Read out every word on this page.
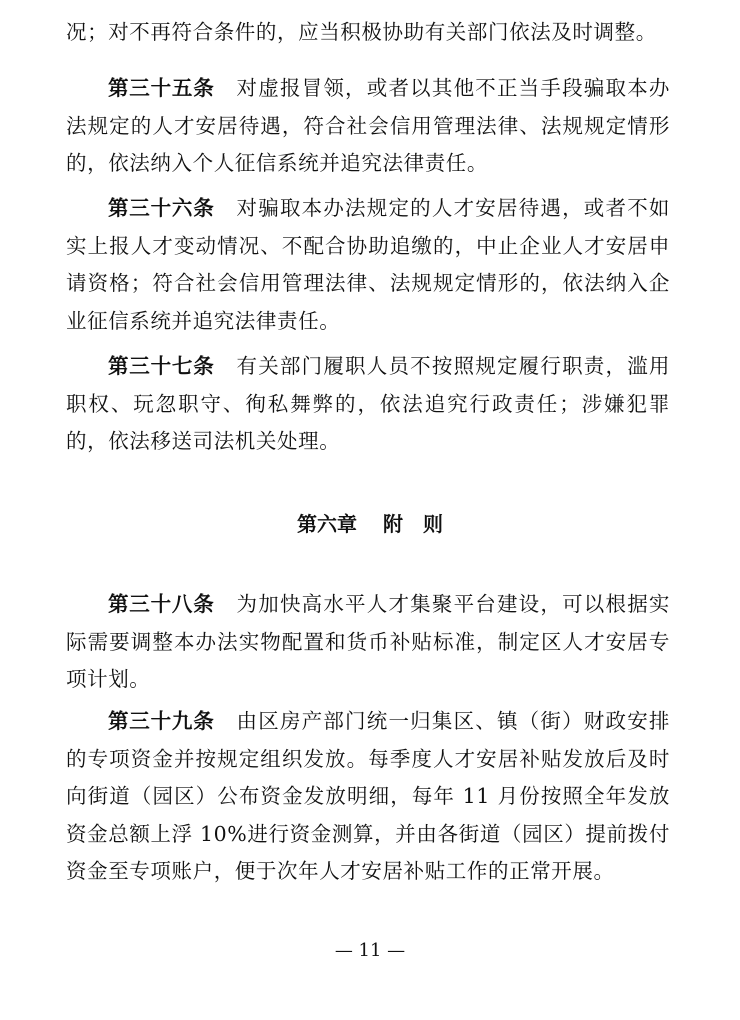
况；对不再符合条件的，应当积极协助有关部门依法及时调整。

第三十五条 对虚报冒领，或者以其他不正当手段骗取本办法规定的人才安居待遇，符合社会信用管理法律、法规规定情形的，依法纳入个人征信系统并追究法律责任。

第三十六条 对骗取本办法规定的人才安居待遇，或者不如实上报人才变动情况、不配合协助追缴的，中止企业人才安居申请资格；符合社会信用管理法律、法规规定情形的，依法纳入企业征信系统并追究法律责任。

第三十七条 有关部门履职人员不按照规定履行职责，滥用职权、玩忽职守、徇私舞弊的，依法追究行政责任；涉嫌犯罪的，依法移送司法机关处理。

第六章 附　则

第三十八条 为加快高水平人才集聚平台建设，可以根据实际需要调整本办法实物配置和货币补贴标准，制定区人才安居专项计划。

第三十九条 由区房产部门统一归集区、镇（街）财政安排的专项资金并按规定组织发放。每季度人才安居补贴发放后及时向街道（园区）公布资金发放明细，每年 11 月份按照全年发放资金总额上浮 10%进行资金测算，并由各街道（园区）提前拨付资金至专项账户，便于次年人才安居补贴工作的正常开展。

— 11 —
